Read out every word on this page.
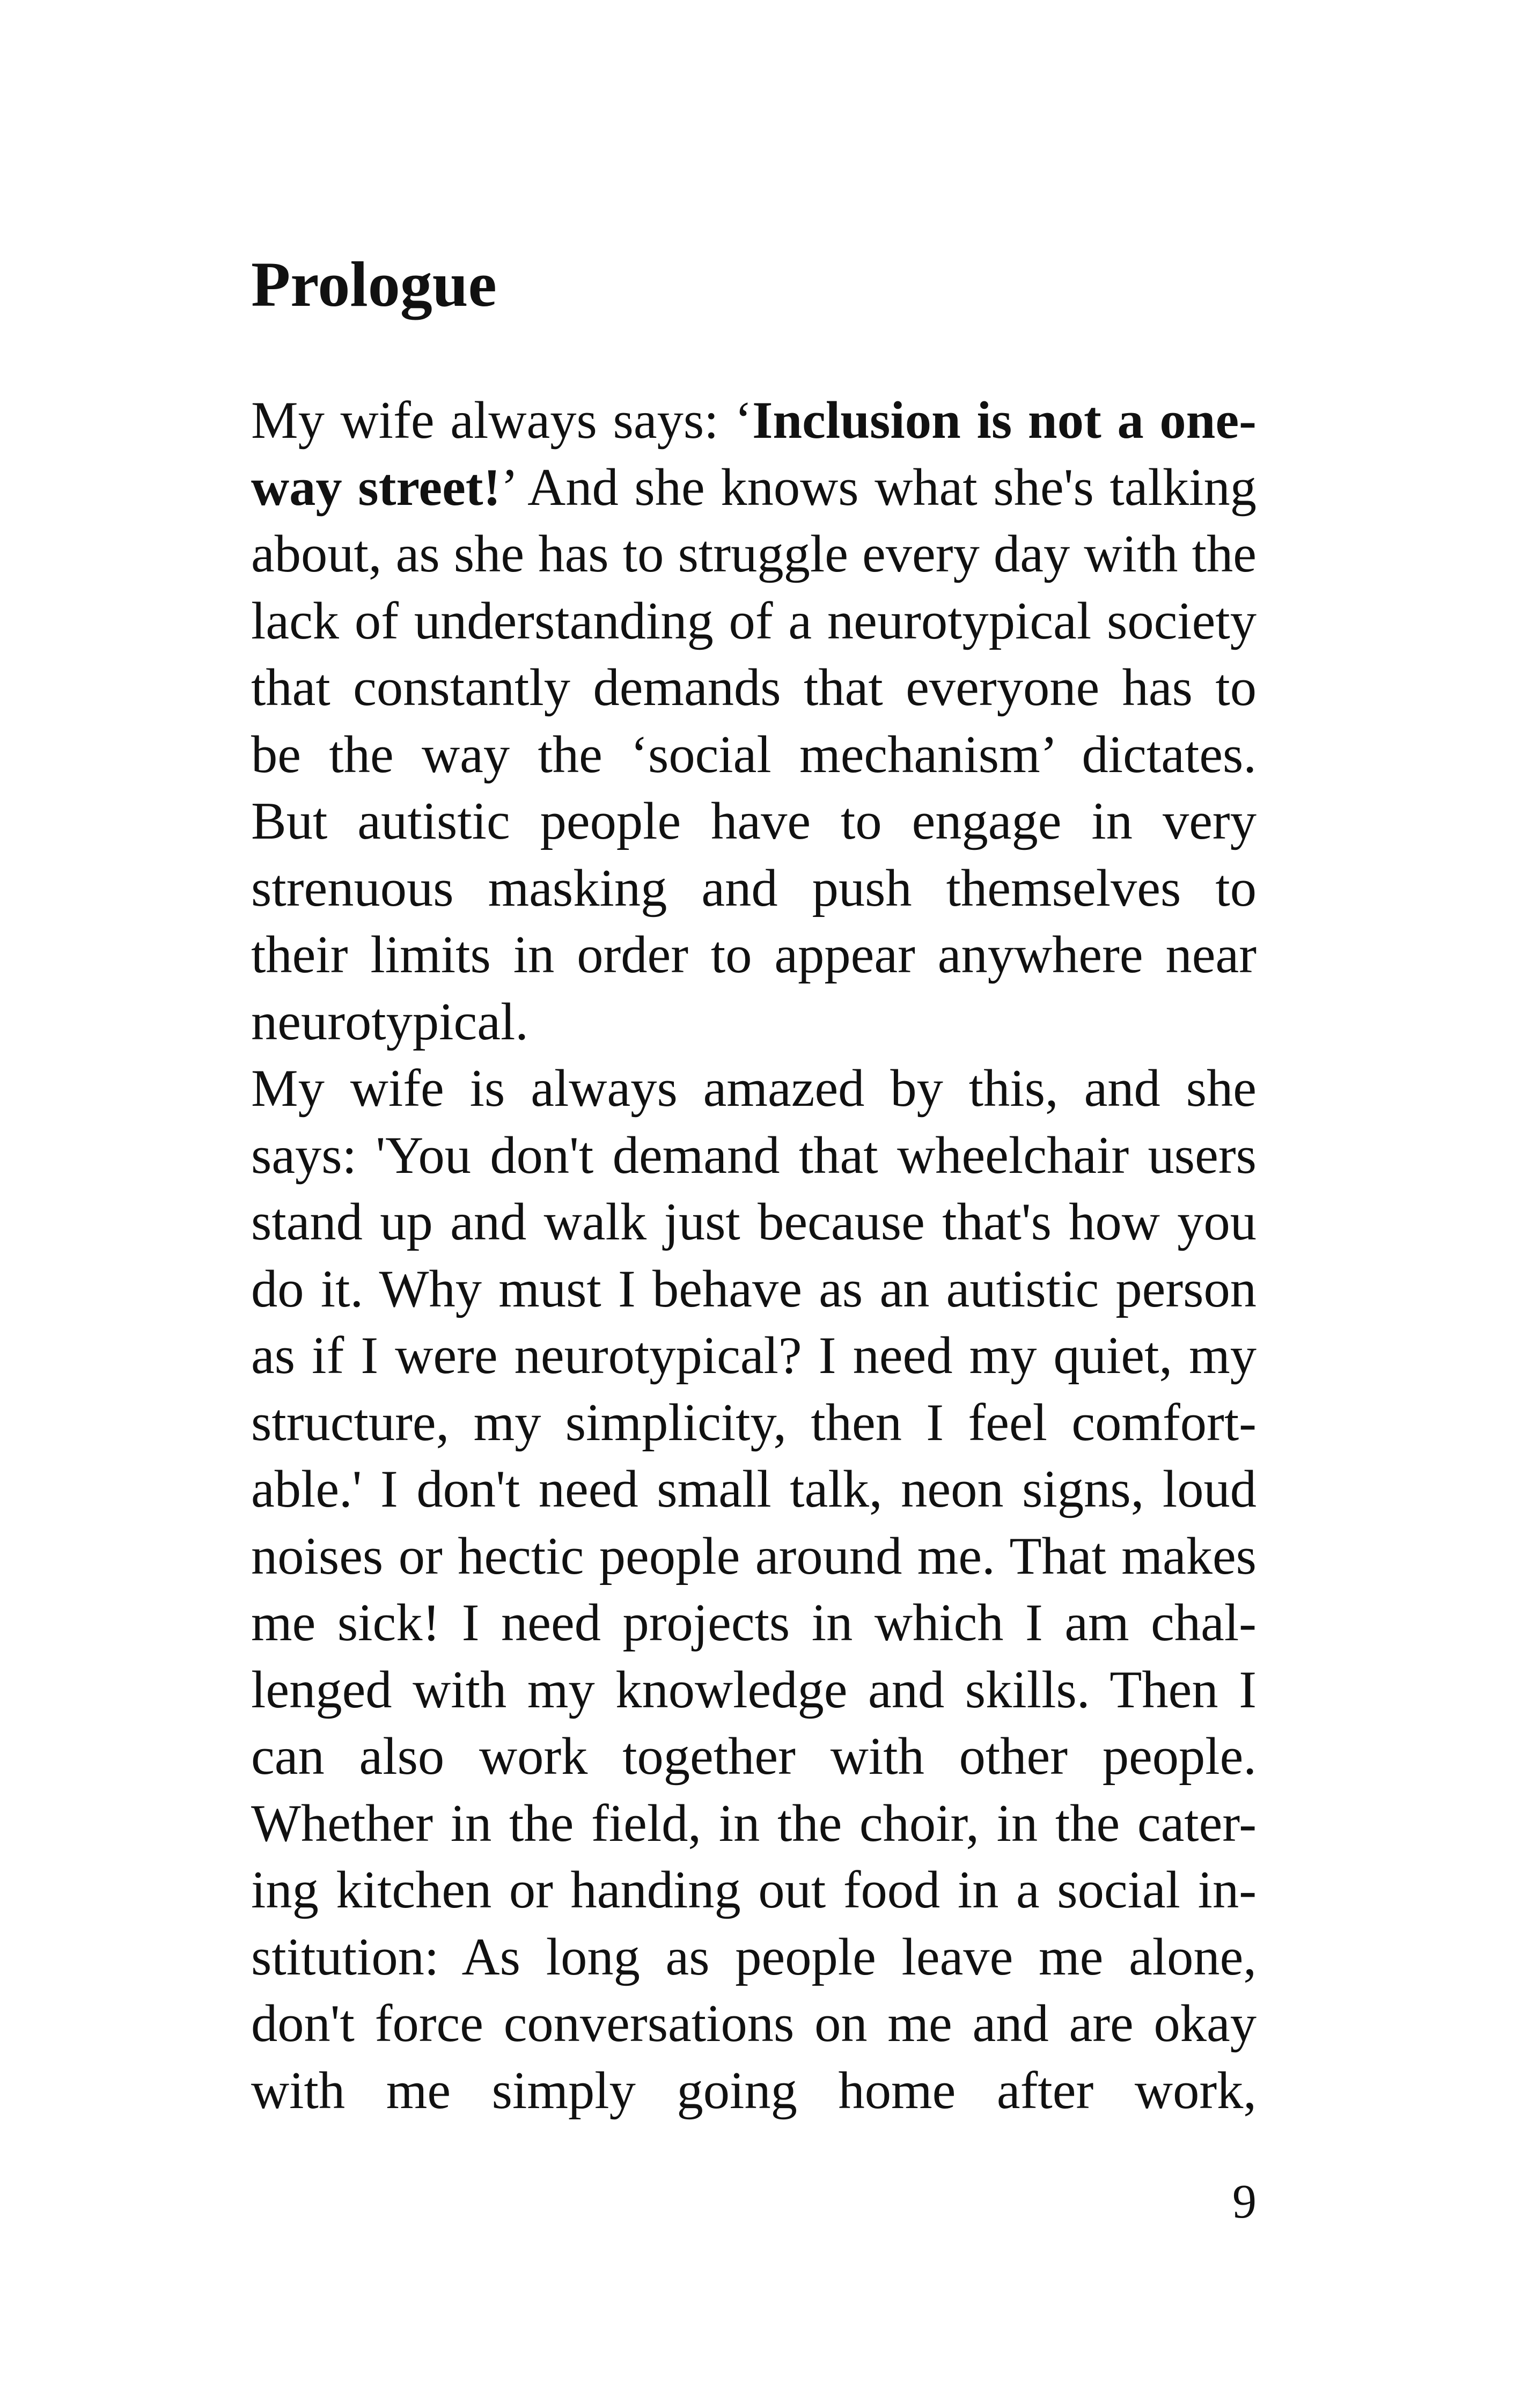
Prologue
My wife always says: ‘Inclusion is not a one-
way street!’ And she knows what she's talking
about, as she has to struggle every day with the
lack of understanding of a neurotypical society
that constantly demands that everyone has to
be the way the ‘social mechanism’ dictates.
But autistic people have to engage in very
strenuous masking and push themselves to
their limits in order to appear anywhere near
neurotypical.
My wife is always amazed by this, and she
says: 'You don't demand that wheelchair users
stand up and walk just because that's how you
do it. Why must I behave as an autistic person
as if I were neurotypical? I need my quiet, my
structure, my simplicity, then I feel comfort-
able.' I don't need small talk, neon signs, loud
noises or hectic people around me. That makes
me sick! I need projects in which I am chal-
lenged with my knowledge and skills. Then I
can also work together with other people.
Whether in the field, in the choir, in the cater-
ing kitchen or handing out food in a social in-
stitution: As long as people leave me alone,
don't force conversations on me and are okay
with me simply going home after work,
9
